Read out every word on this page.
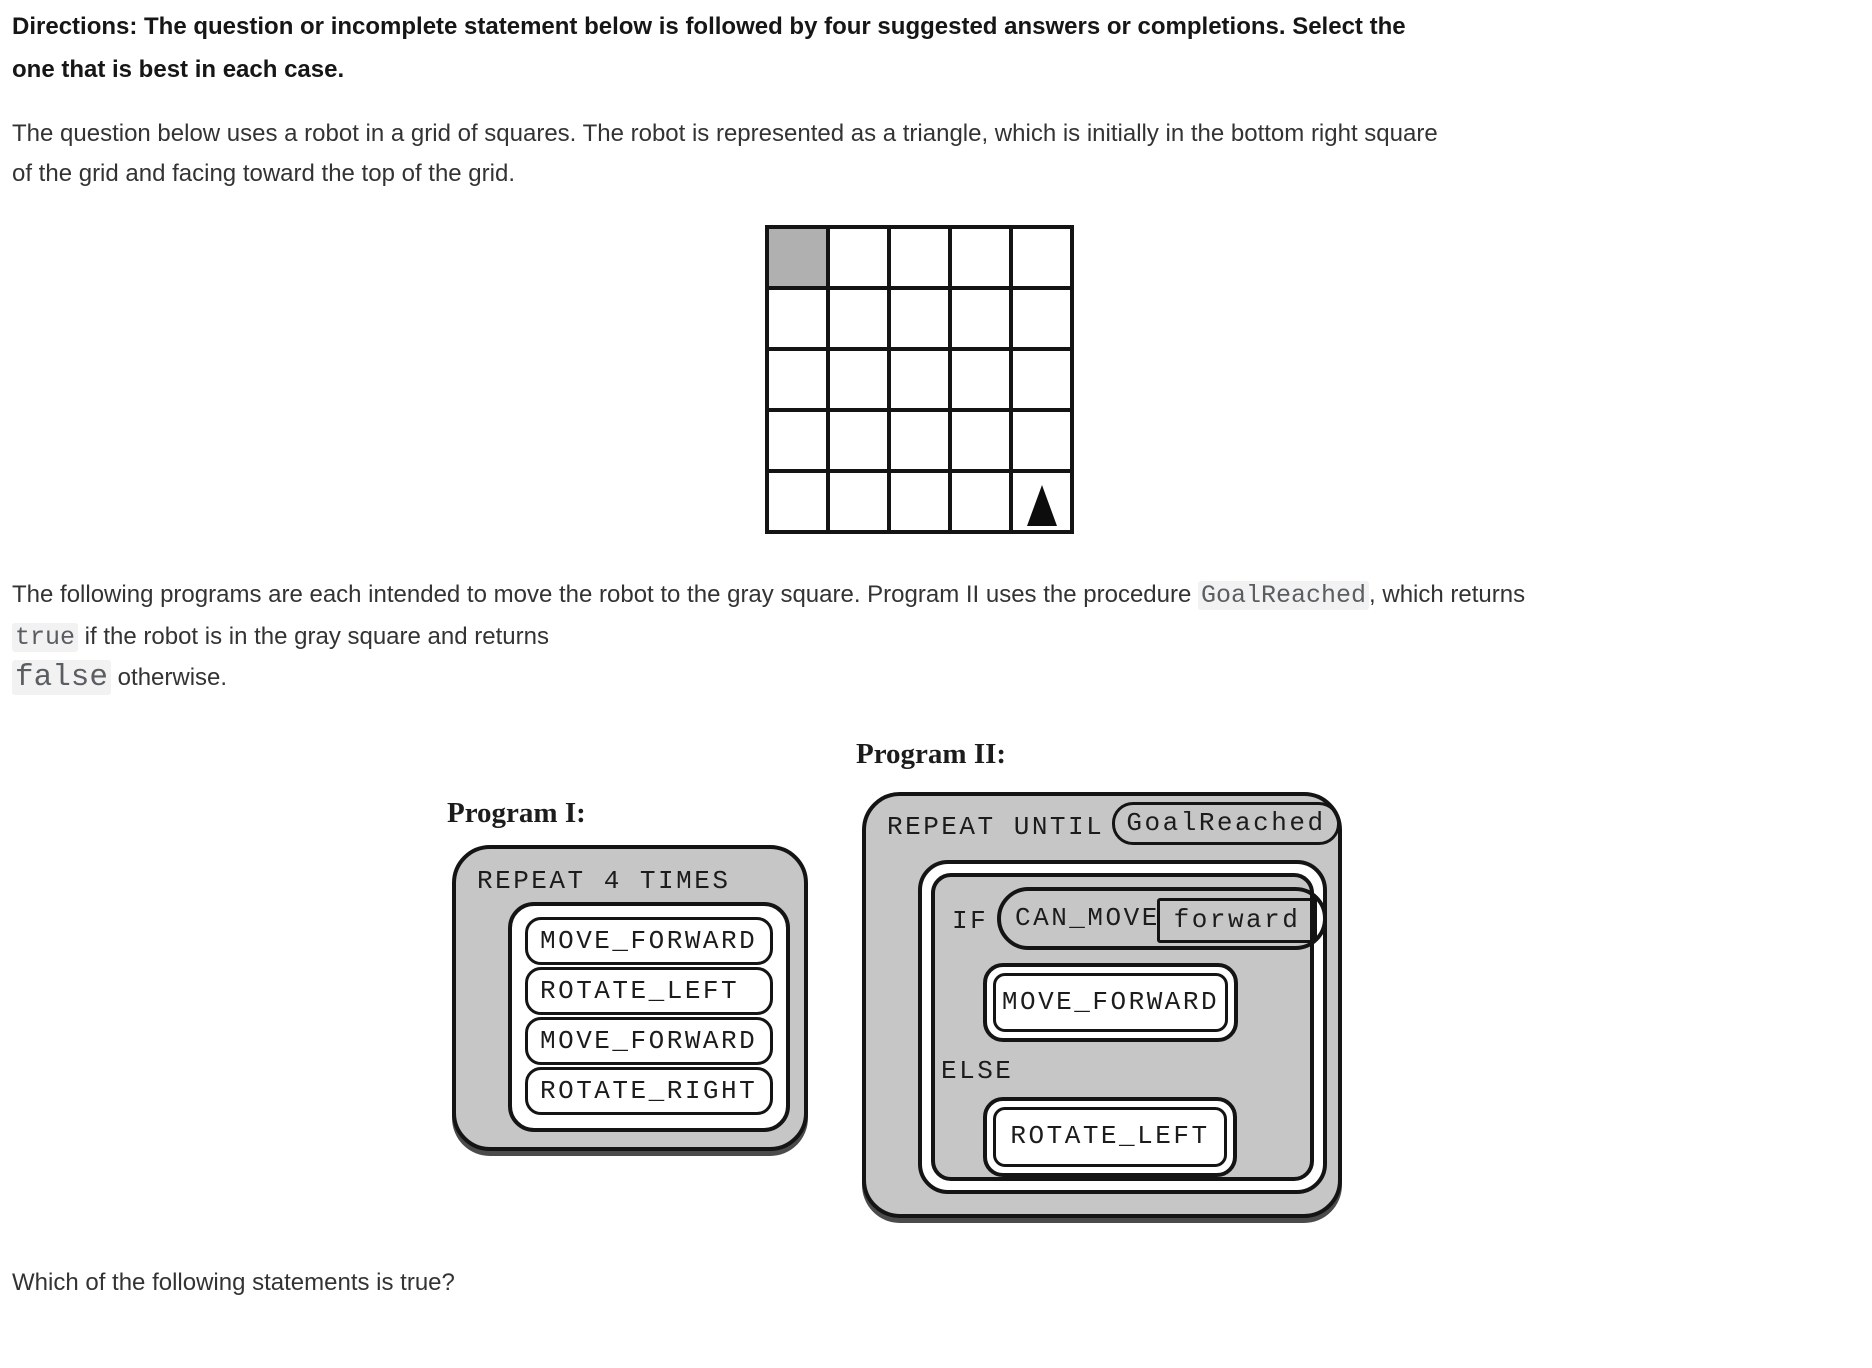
Directions: The question or incomplete statement below is followed by four suggested answers or completions. Select the one that is best in each case.
The question below uses a robot in a grid of squares. The robot is represented as a triangle, which is initially in the bottom right square of the grid and facing toward the top of the grid.

The following programs are each intended to move the robot to the gray square. Program II uses the procedure GoalReached , which returns true if the robot is in the gray square and returns
false otherwise.
Program II:
Program I:
REPEAT 4 TIMES
MOVE_FORWARD
ROTATE_LEFT
MOVE_FORWARD
ROTATE_RIGHT
REPEAT UNTIL GoalReached
IF CAN_MOVE forward
MOVE_FORWARD
ELSE
ROTATE_LEFT
Which of the following statements is true?
